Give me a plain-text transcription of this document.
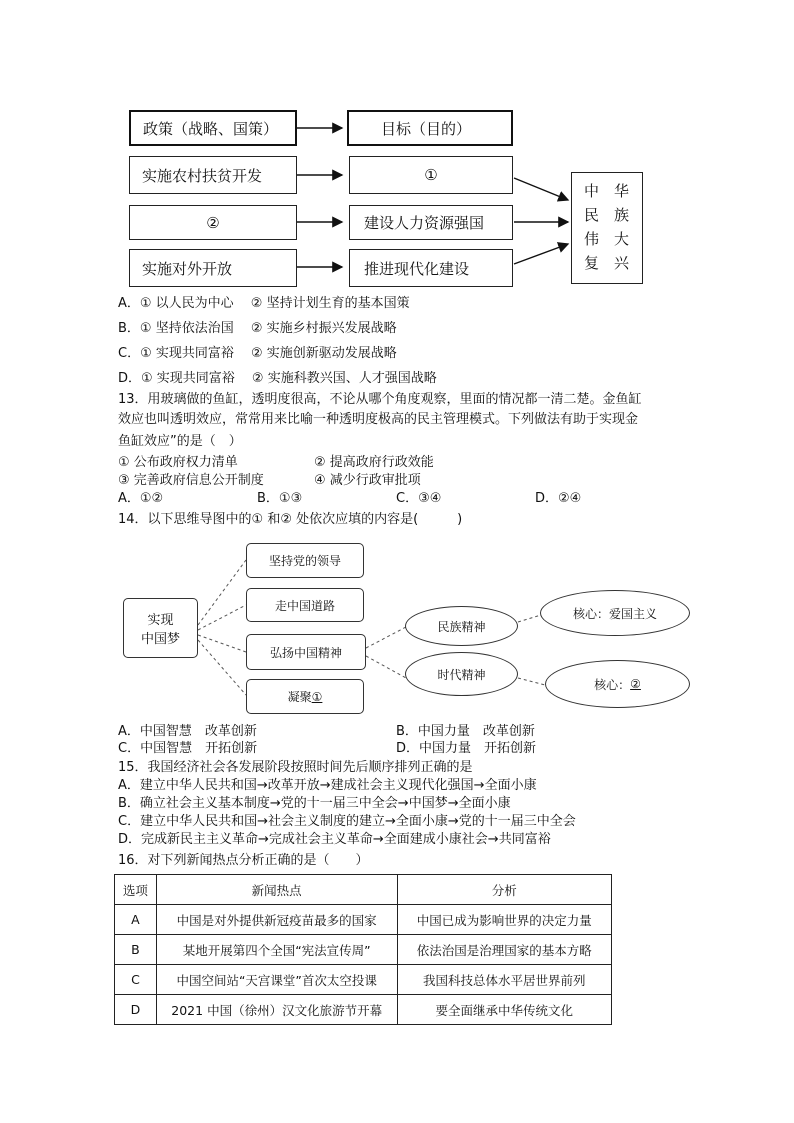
政策（战略、国策）	目标（目的）
实施农村扶贫开发	①
②	建设人力资源强国
实施对外开放	推进现代化建设
中 华
民 族
伟 大
复 兴
A．① 以人民为中心　 ② 坚持计划生育的基本国策
B．① 坚持依法治国　 ② 实施乡村振兴发展战略
C．① 实现共同富裕　 ② 实施创新驱动发展战略
D．① 实现共同富裕　 ② 实施科教兴国、人才强国战略
13．用玻璃做的鱼缸，透明度很高，不论从哪个角度观察，里面的情况都一清二楚。金鱼缸
效应也叫透明效应，常常用来比喻一种透明度极高的民主管理模式。下列做法有助于实现金
鱼缸效应”的是（　）
① 公布政府权力清单	② 提高政府行政效能
③ 完善政府信息公开制度	④ 减少行政审批项
A．①②	B．①③	C．③④	D．②④
14．以下思维导图中的① 和② 处依次应填的内容是(　　　)
实现
中国梦
坚持党的领导
走中国道路
弘扬中国精神
凝聚 ①
民族精神
时代精神
核心：爱国主义
核心： ②
A．中国智慧　改革创新	B．中国力量　改革创新
C．中国智慧　开拓创新	D．中国力量　开拓创新
15．我国经济社会各发展阶段按照时间先后顺序排列正确的是
A．建立中华人民共和国→改革开放→建成社会主义现代化强国→全面小康
B．确立社会主义基本制度→党的十一届三中全会→中国梦→全面小康
C．建立中华人民共和国→社会主义制度的建立→全面小康→党的十一届三中全会
D．完成新民主主义革命→完成社会主义革命→全面建成小康社会→共同富裕
16．对下列新闻热点分析正确的是（　　）
选项	新闻热点	分析
A	中国是对外提供新冠疫苗最多的国家	中国已成为影响世界的决定力量
B	某地开展第四个全国“宪法宣传周”	依法治国是治理国家的基本方略
C	中国空间站“天宫课堂”首次太空投课	我国科技总体水平居世界前列
D	2021 中国（徐州）汉文化旅游节开幕	要全面继承中华传统文化
